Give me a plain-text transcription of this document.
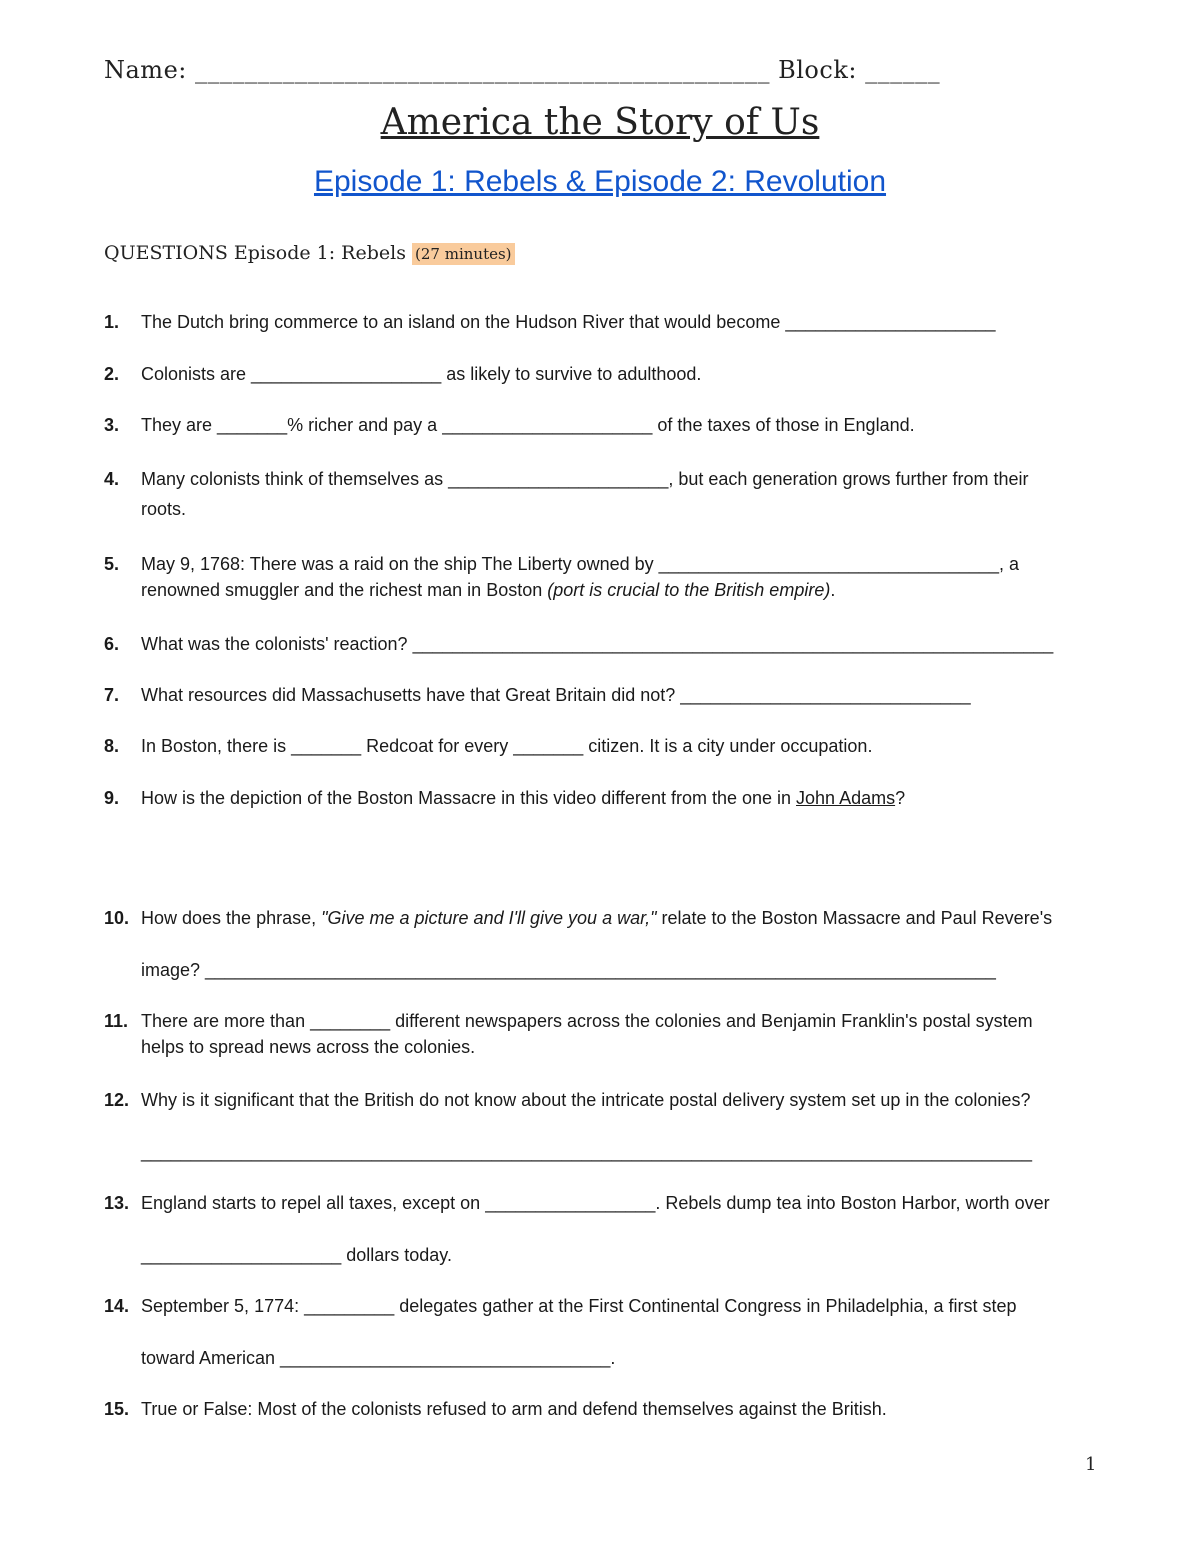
Name: ______________________________________________ Block: ______
America the Story of Us
Episode 1: Rebels & Episode 2: Revolution
QUESTIONS Episode 1: Rebels (27 minutes)
1.	The Dutch bring commerce to an island on the Hudson River that would become _____________________
2.	Colonists are ___________________ as likely to survive to adulthood.
3.	They are _______% richer and pay a _____________________ of the taxes of those in England.
4.	Many colonists think of themselves as ______________________, but each generation grows further from their
roots.
5.	May 9, 1768: There was a raid on the ship The Liberty owned by __________________________________, a
renowned smuggler and the richest man in Boston (port is crucial to the British empire).
6.	What was the colonists' reaction? ________________________________________________________________
7.	What resources did Massachusetts have that Great Britain did not? _____________________________
8.	In Boston, there is _______ Redcoat for every _______ citizen. It is a city under occupation.
9.	How is the depiction of the Boston Massacre in this video different from the one in John Adams?
10. How does the phrase, "Give me a picture and I'll give you a war," relate to the Boston Massacre and Paul Revere's
image? _______________________________________________________________________________
11. There are more than ________ different newspapers across the colonies and Benjamin Franklin's postal system
helps to spread news across the colonies.
12. Why is it significant that the British do not know about the intricate postal delivery system set up in the colonies?
_________________________________________________________________________________________
13. England starts to repel all taxes, except on _________________. Rebels dump tea into Boston Harbor, worth over
____________________ dollars today.
14. September 5, 1774: _________ delegates gather at the First Continental Congress in Philadelphia, a first step
toward American _________________________________.
15. True or False: Most of the colonists refused to arm and defend themselves against the British.
1
